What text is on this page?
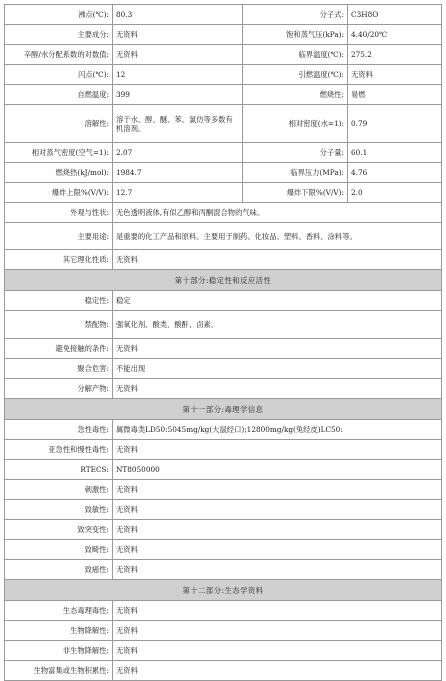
沸点(℃):	80.3	分子式:	C3H8O
主要成分:	无资料	饱和蒸气压(kPa):	4.40/20℃
辛醇/水分配系数的对数值:	无资料	临界温度(℃):	275.2
闪点(℃):	12	引燃温度(℃):	无资料
自燃温度:	399	燃烧性:	易燃
溶解性:	溶于水、醇、醚、苯、氯仿等多数有机溶剂。	相对密度(水=1):	0.79
相对蒸气密度(空气=1):	2.07	分子量:	60.1
燃烧热(kJ/mol):	1984.7	临界压力(MPa):	4.76
爆炸上限%(V/V):	12.7	爆炸下限%(V/V):	2.0
外观与性状:	无色透明液体,有似乙醇和丙酮混合物的气味。		
主要用途:	是重要的化工产品和原料。主要用于制药、化妆品、塑料、香料、涂料等。		
其它理化性质:	无资料		
第十部分:稳定性和反应活性			
稳定性:	稳定		
禁配物:	强氧化剂、酸类、酸酐、卤素。		
避免接触的条件:	无资料		
聚合危害:	不能出现		
分解产物:	无资料		
第十一部分:毒理学信息			
急性毒性:	属微毒类LD50:5045mg/kg(大鼠经口);12800mg/kg(兔经皮)LC50:		
亚急性和慢性毒性:	无资料		
RTECS:	NT8050000		
刺激性:	无资料		
致敏性:	无资料		
致突变性:	无资料		
致畸性:	无资料		
致癌性:	无资料		
第十二部分:生态学资料			
生态毒理毒性:	无资料		
生物降解性:	无资料		
非生物降解性:	无资料		
生物富集或生物积累性:	无资料		
